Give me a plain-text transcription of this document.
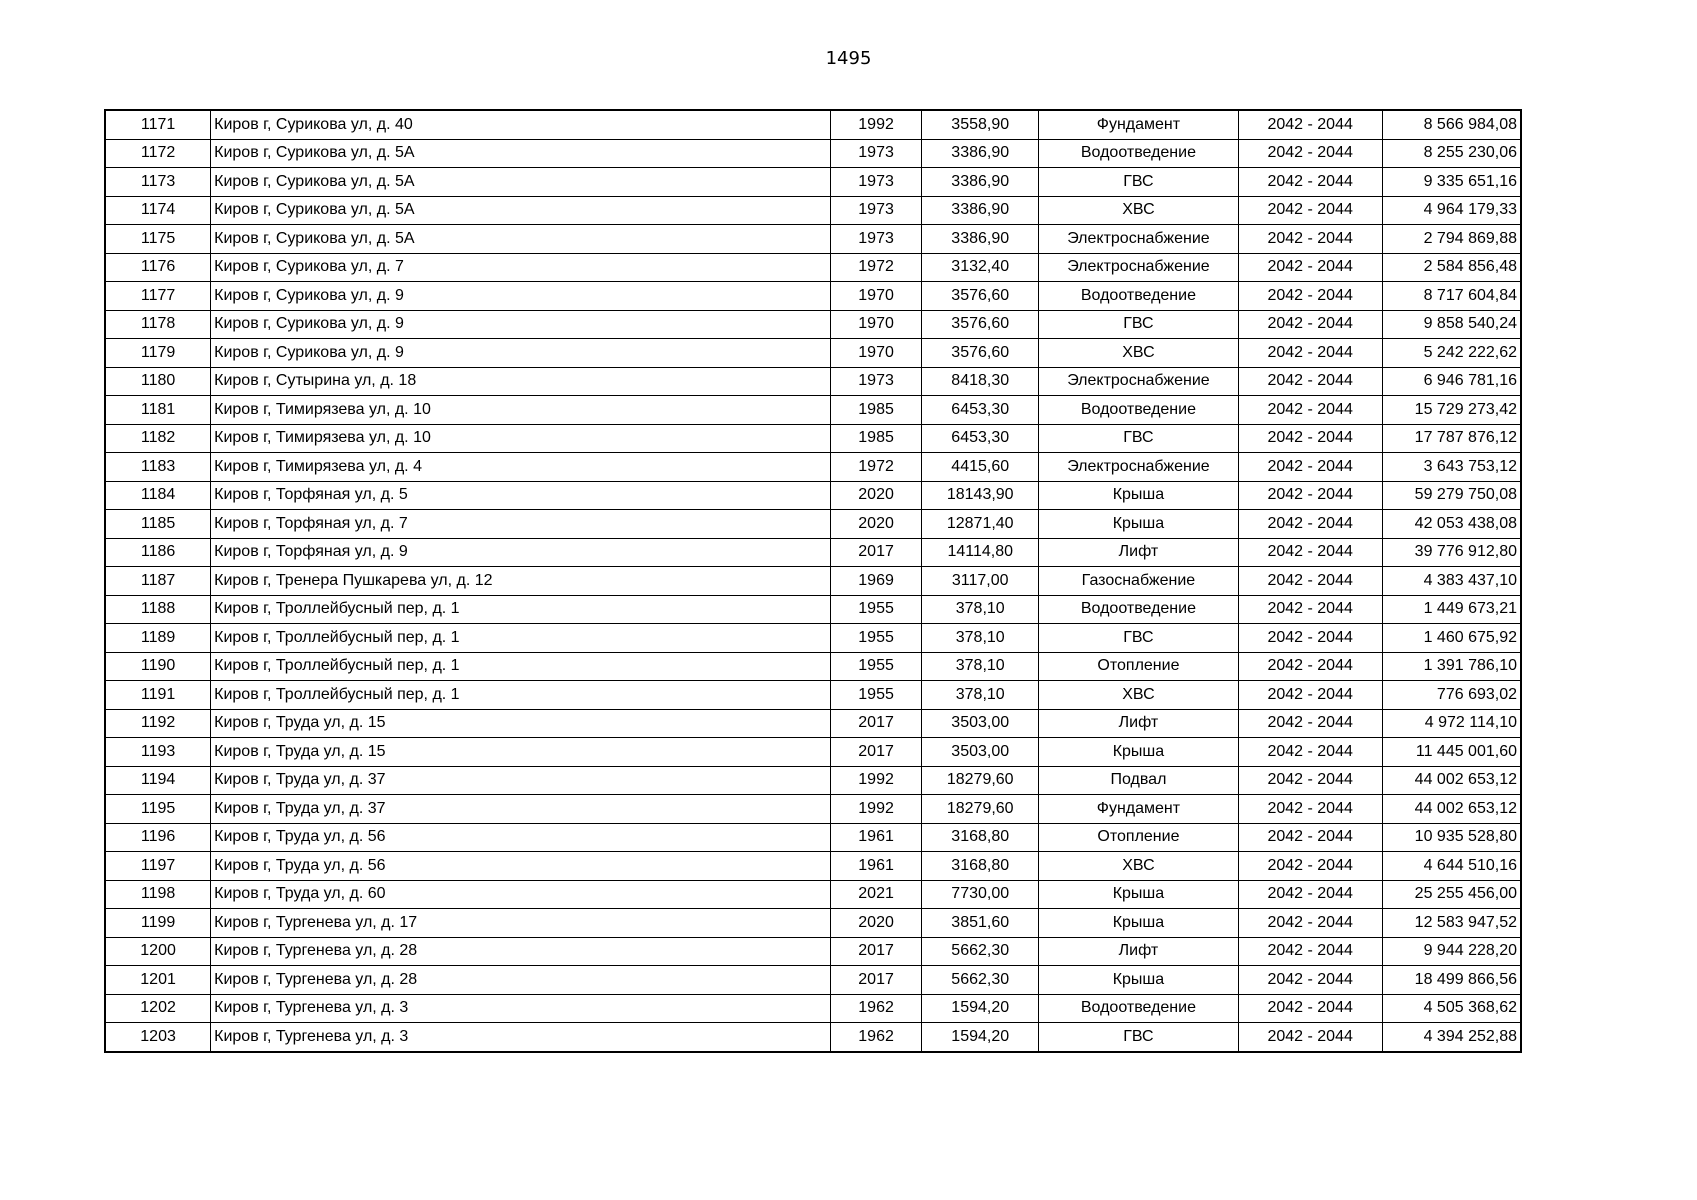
1495
1171	Киров г, Сурикова ул, д. 40	1992	3558,90	Фундамент	2042 - 2044	8 566 984,08
1172	Киров г, Сурикова ул, д. 5А	1973	3386,90	Водоотведение	2042 - 2044	8 255 230,06
1173	Киров г, Сурикова ул, д. 5А	1973	3386,90	ГВС	2042 - 2044	9 335 651,16
1174	Киров г, Сурикова ул, д. 5А	1973	3386,90	ХВС	2042 - 2044	4 964 179,33
1175	Киров г, Сурикова ул, д. 5А	1973	3386,90	Электроснабжение	2042 - 2044	2 794 869,88
1176	Киров г, Сурикова ул, д. 7	1972	3132,40	Электроснабжение	2042 - 2044	2 584 856,48
1177	Киров г, Сурикова ул, д. 9	1970	3576,60	Водоотведение	2042 - 2044	8 717 604,84
1178	Киров г, Сурикова ул, д. 9	1970	3576,60	ГВС	2042 - 2044	9 858 540,24
1179	Киров г, Сурикова ул, д. 9	1970	3576,60	ХВС	2042 - 2044	5 242 222,62
1180	Киров г, Сутырина ул, д. 18	1973	8418,30	Электроснабжение	2042 - 2044	6 946 781,16
1181	Киров г, Тимирязева ул, д. 10	1985	6453,30	Водоотведение	2042 - 2044	15 729 273,42
1182	Киров г, Тимирязева ул, д. 10	1985	6453,30	ГВС	2042 - 2044	17 787 876,12
1183	Киров г, Тимирязева ул, д. 4	1972	4415,60	Электроснабжение	2042 - 2044	3 643 753,12
1184	Киров г, Торфяная ул, д. 5	2020	18143,90	Крыша	2042 - 2044	59 279 750,08
1185	Киров г, Торфяная ул, д. 7	2020	12871,40	Крыша	2042 - 2044	42 053 438,08
1186	Киров г, Торфяная ул, д. 9	2017	14114,80	Лифт	2042 - 2044	39 776 912,80
1187	Киров г, Тренера Пушкарева ул, д. 12	1969	3117,00	Газоснабжение	2042 - 2044	4 383 437,10
1188	Киров г, Троллейбусный пер, д. 1	1955	378,10	Водоотведение	2042 - 2044	1 449 673,21
1189	Киров г, Троллейбусный пер, д. 1	1955	378,10	ГВС	2042 - 2044	1 460 675,92
1190	Киров г, Троллейбусный пер, д. 1	1955	378,10	Отопление	2042 - 2044	1 391 786,10
1191	Киров г, Троллейбусный пер, д. 1	1955	378,10	ХВС	2042 - 2044	776 693,02
1192	Киров г, Труда ул, д. 15	2017	3503,00	Лифт	2042 - 2044	4 972 114,10
1193	Киров г, Труда ул, д. 15	2017	3503,00	Крыша	2042 - 2044	11 445 001,60
1194	Киров г, Труда ул, д. 37	1992	18279,60	Подвал	2042 - 2044	44 002 653,12
1195	Киров г, Труда ул, д. 37	1992	18279,60	Фундамент	2042 - 2044	44 002 653,12
1196	Киров г, Труда ул, д. 56	1961	3168,80	Отопление	2042 - 2044	10 935 528,80
1197	Киров г, Труда ул, д. 56	1961	3168,80	ХВС	2042 - 2044	4 644 510,16
1198	Киров г, Труда ул, д. 60	2021	7730,00	Крыша	2042 - 2044	25 255 456,00
1199	Киров г, Тургенева ул, д. 17	2020	3851,60	Крыша	2042 - 2044	12 583 947,52
1200	Киров г, Тургенева ул, д. 28	2017	5662,30	Лифт	2042 - 2044	9 944 228,20
1201	Киров г, Тургенева ул, д. 28	2017	5662,30	Крыша	2042 - 2044	18 499 866,56
1202	Киров г, Тургенева ул, д. 3	1962	1594,20	Водоотведение	2042 - 2044	4 505 368,62
1203	Киров г, Тургенева ул, д. 3	1962	1594,20	ГВС	2042 - 2044	4 394 252,88
